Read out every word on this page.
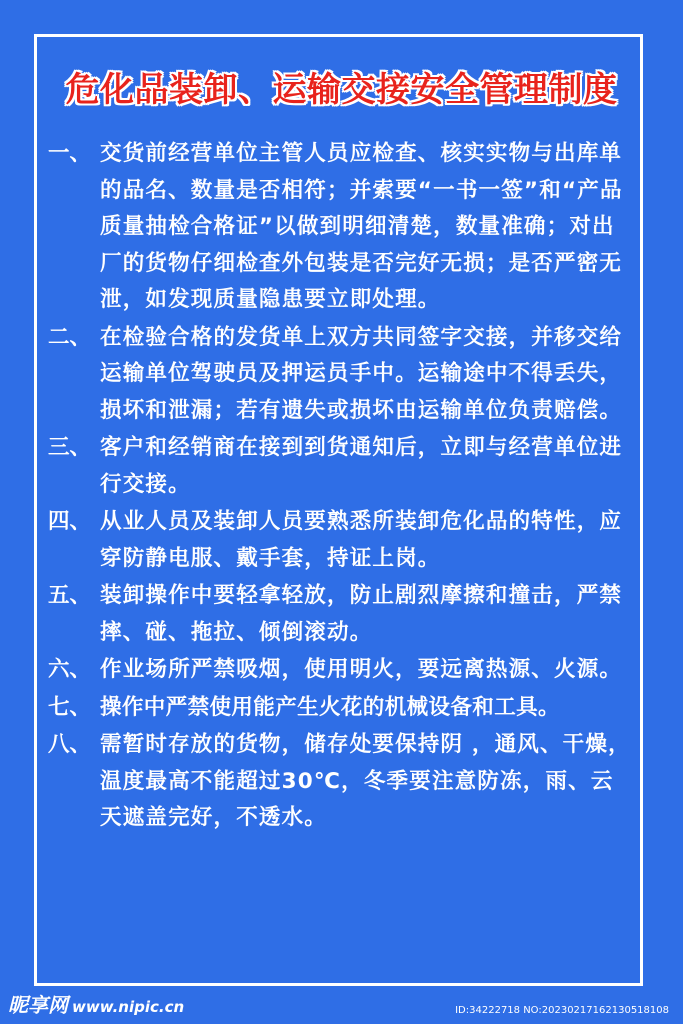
危化品装卸、运输交接安全管理制度
一、 交货前经营单位主管人员应检查、核实实物与出库单的品名、数量是否相符；并索要“一书一签”和“产品质量抽检合格证”以做到明细清楚，数量准确；对出厂的货物仔细检查外包装是否完好无损；是否严密无泄，如发现质量隐患要立即处理。
二、 在检验合格的发货单上双方共同签字交接，并移交给运输单位驾驶员及押运员手中。运输途中不得丢失，损坏和泄漏；若有遗失或损坏由运输单位负责赔偿。
三、 客户和经销商在接到到货通知后，立即与经营单位进行交接。
四、 从业人员及装卸人员要熟悉所装卸危化品的特性，应穿防静电服、戴手套，持证上岗。
五、 装卸操作中要轻拿轻放，防止剧烈摩擦和撞击，严禁摔、碰、拖拉、倾倒滚动。
六、 作业场所严禁吸烟，使用明火，要远离热源、火源。
七、 操作中严禁使用能产生火花的机械设备和工具。
八、 需暂时存放的货物，储存处要保持阴 ，通风、干燥，温度最高不能超过30℃，冬季要注意防冻，雨、云天遮盖完好，不透水。
昵享网 www.nipic.cn	ID:34222718 NO:20230217162130518108
